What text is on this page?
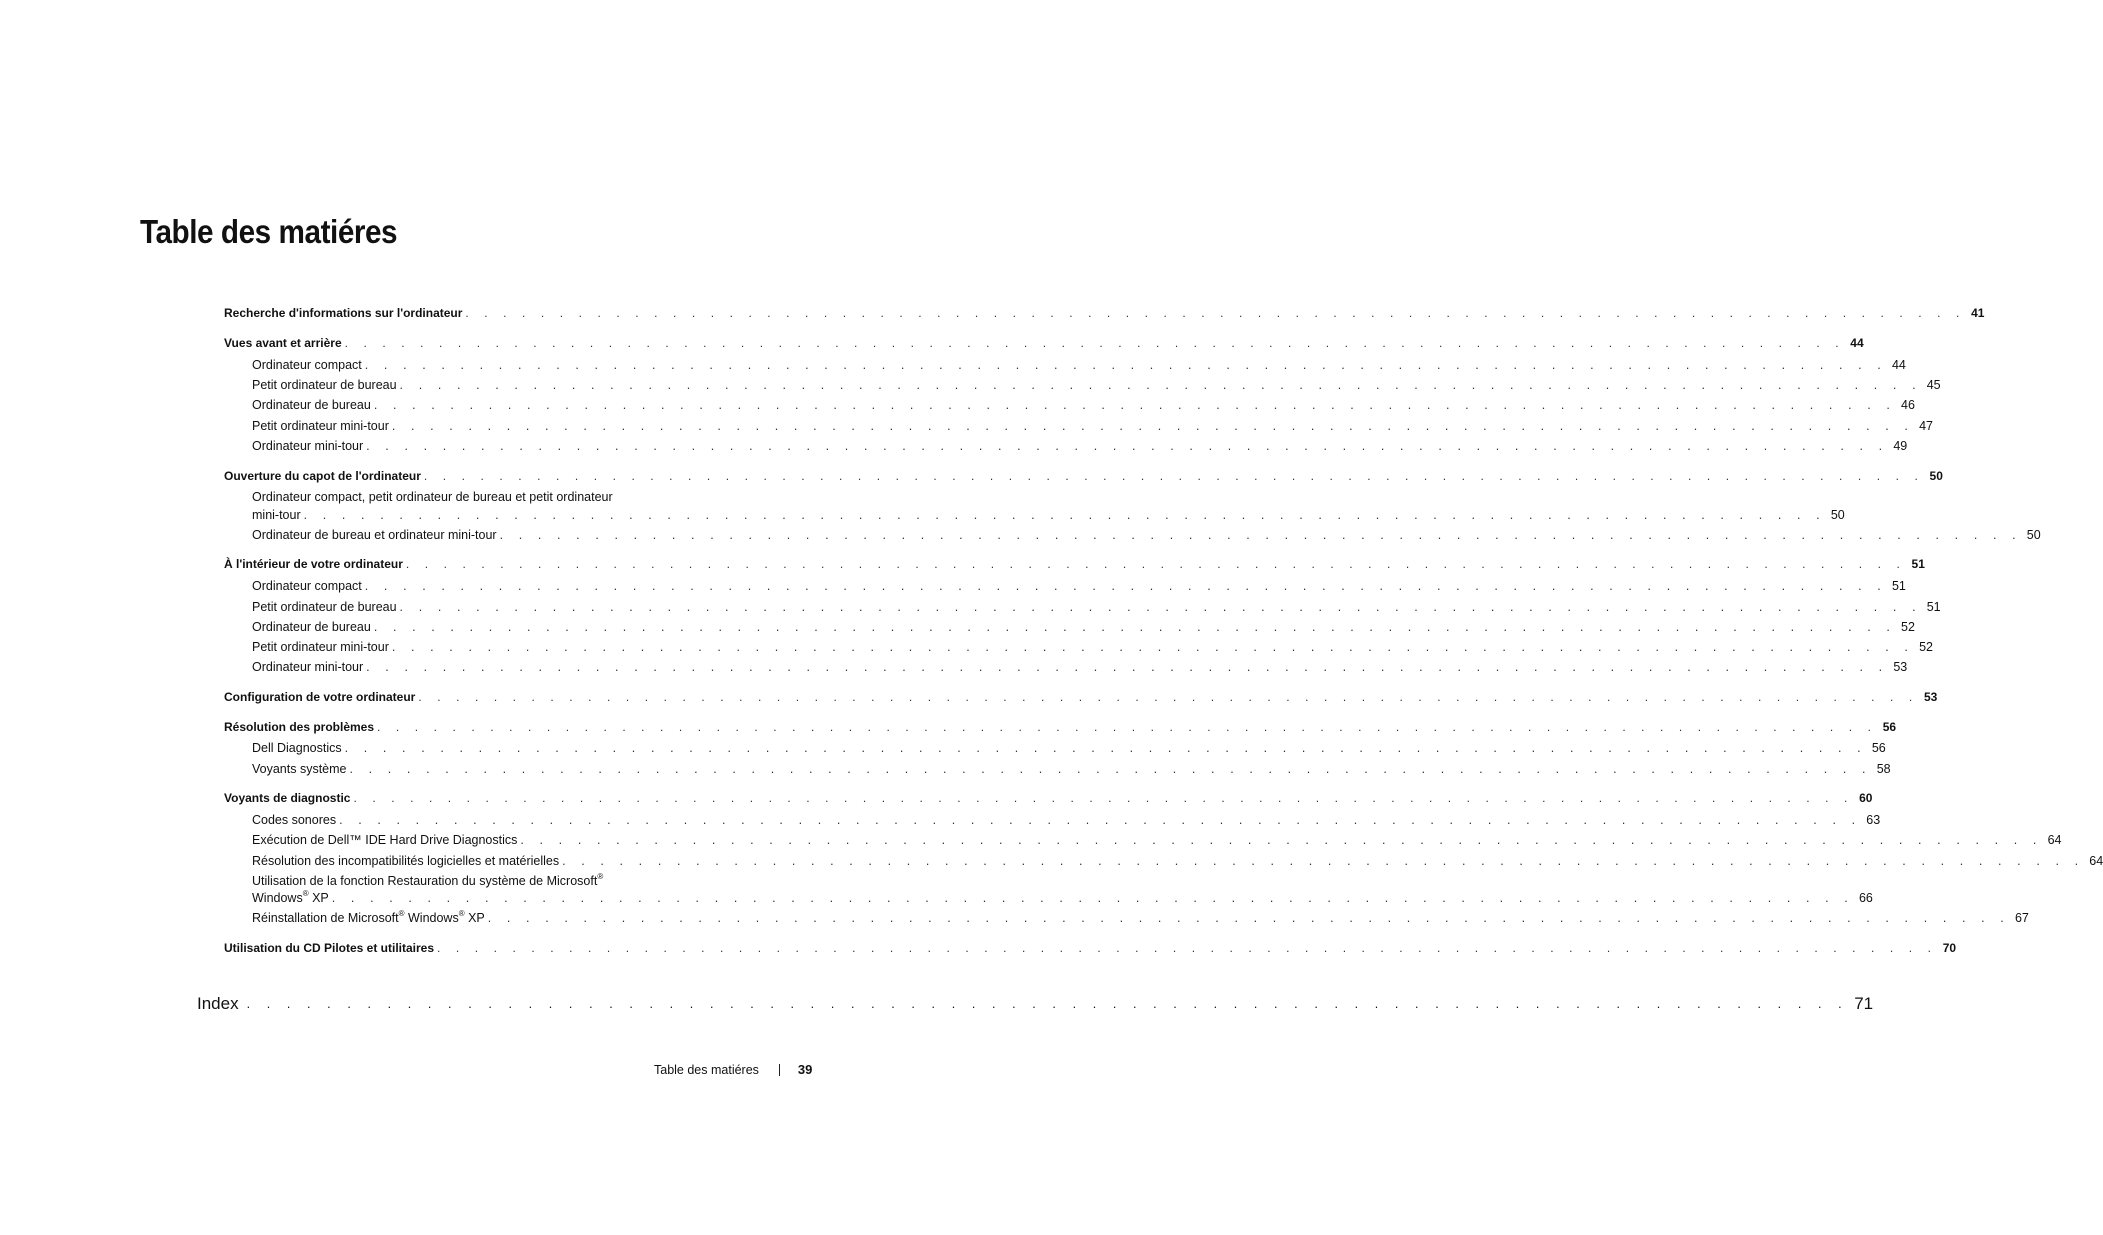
Table des matiéres
Recherche d'informations sur l'ordinateur . . . . . . . . . . . . . . . . . . . . . . . . . . . . . . . . . . . . . . . . . . . . . . . . . . . . . . . . . . . . . . . . . . . . . . . . . . . . . . . . 41
Vues avant et arrière . . . . . . . . . . . . . . . . . . . . . . . . . . . . . . . . . . . . . . . . . . . . . . . . . . . . . . . . . . . . . . . . . . . . . . . . . . . . . . . . 44
Ordinateur compact . . . . . . . . . . . . . . . . . . . . . . . . . . . . . . . . . . . . . . . . . . . . . . . . . . . . . . . . . . . . . . . . . . . . . . . . . . . . . . . . 44
Petit ordinateur de bureau . . . . . . . . . . . . . . . . . . . . . . . . . . . . . . . . . . . . . . . . . . . . . . . . . . . . . . . . . . . . . . . . . . . . . . . . . . . . . . . . 45
Ordinateur de bureau . . . . . . . . . . . . . . . . . . . . . . . . . . . . . . . . . . . . . . . . . . . . . . . . . . . . . . . . . . . . . . . . . . . . . . . . . . . . . . . . 46
Petit ordinateur mini-tour . . . . . . . . . . . . . . . . . . . . . . . . . . . . . . . . . . . . . . . . . . . . . . . . . . . . . . . . . . . . . . . . . . . . . . . . . . . . . . . . 47
Ordinateur mini-tour . . . . . . . . . . . . . . . . . . . . . . . . . . . . . . . . . . . . . . . . . . . . . . . . . . . . . . . . . . . . . . . . . . . . . . . . . . . . . . . . 49
Ouverture du capot de l'ordinateur . . . . . . . . . . . . . . . . . . . . . . . . . . . . . . . . . . . . . . . . . . . . . . . . . . . . . . . . . . . . . . . . . . . . . . . . . . . . . . . . 50
Ordinateur compact, petit ordinateur de bureau et petit ordinateur
mini-tour . . . . . . . . . . . . . . . . . . . . . . . . . . . . . . . . . . . . . . . . . . . . . . . . . . . . . . . . . . . . . . . . . . . . . . . . . . . . . . . . 50
Ordinateur de bureau et ordinateur mini-tour . . . . . . . . . . . . . . . . . . . . . . . . . . . . . . . . . . . . . . . . . . . . . . . . . . . . . . . . . . . . . . . . . . . . . . . . . . . . . . . . 50
À l'intérieur de votre ordinateur . . . . . . . . . . . . . . . . . . . . . . . . . . . . . . . . . . . . . . . . . . . . . . . . . . . . . . . . . . . . . . . . . . . . . . . . . . . . . . . . 51
Ordinateur compact . . . . . . . . . . . . . . . . . . . . . . . . . . . . . . . . . . . . . . . . . . . . . . . . . . . . . . . . . . . . . . . . . . . . . . . . . . . . . . . . 51
Petit ordinateur de bureau . . . . . . . . . . . . . . . . . . . . . . . . . . . . . . . . . . . . . . . . . . . . . . . . . . . . . . . . . . . . . . . . . . . . . . . . . . . . . . . . 51
Ordinateur de bureau . . . . . . . . . . . . . . . . . . . . . . . . . . . . . . . . . . . . . . . . . . . . . . . . . . . . . . . . . . . . . . . . . . . . . . . . . . . . . . . . 52
Petit ordinateur mini-tour . . . . . . . . . . . . . . . . . . . . . . . . . . . . . . . . . . . . . . . . . . . . . . . . . . . . . . . . . . . . . . . . . . . . . . . . . . . . . . . . 52
Ordinateur mini-tour . . . . . . . . . . . . . . . . . . . . . . . . . . . . . . . . . . . . . . . . . . . . . . . . . . . . . . . . . . . . . . . . . . . . . . . . . . . . . . . . 53
Configuration de votre ordinateur . . . . . . . . . . . . . . . . . . . . . . . . . . . . . . . . . . . . . . . . . . . . . . . . . . . . . . . . . . . . . . . . . . . . . . . . . . . . . . . . 53
Résolution des problèmes . . . . . . . . . . . . . . . . . . . . . . . . . . . . . . . . . . . . . . . . . . . . . . . . . . . . . . . . . . . . . . . . . . . . . . . . . . . . . . . . 56
Dell Diagnostics . . . . . . . . . . . . . . . . . . . . . . . . . . . . . . . . . . . . . . . . . . . . . . . . . . . . . . . . . . . . . . . . . . . . . . . . . . . . . . . . 56
Voyants système . . . . . . . . . . . . . . . . . . . . . . . . . . . . . . . . . . . . . . . . . . . . . . . . . . . . . . . . . . . . . . . . . . . . . . . . . . . . . . . . 58
Voyants de diagnostic . . . . . . . . . . . . . . . . . . . . . . . . . . . . . . . . . . . . . . . . . . . . . . . . . . . . . . . . . . . . . . . . . . . . . . . . . . . . . . . . 60
Codes sonores . . . . . . . . . . . . . . . . . . . . . . . . . . . . . . . . . . . . . . . . . . . . . . . . . . . . . . . . . . . . . . . . . . . . . . . . . . . . . . . . 63
Exécution de Dell™ IDE Hard Drive Diagnostics . . . . . . . . . . . . . . . . . . . . . . . . . . . . . . . . . . . . . . . . . . . . . . . . . . . . . . . . . . . . . . . . . . . . . . . . . . . . . . . . 64
Résolution des incompatibilités logicielles et matérielles . . . . . . . . . . . . . . . . . . . . . . . . . . . . . . . . . . . . . . . . . . . . . . . . . . . . . . . . . . . . . . . . . . . . . . . . . . . . . . . . 64
Utilisation de la fonction Restauration du système de Microsoft®
Windows® XP . . . . . . . . . . . . . . . . . . . . . . . . . . . . . . . . . . . . . . . . . . . . . . . . . . . . . . . . . . . . . . . . . . . . . . . . . . . . . . . . 66
Réinstallation de Microsoft® Windows® XP . . . . . . . . . . . . . . . . . . . . . . . . . . . . . . . . . . . . . . . . . . . . . . . . . . . . . . . . . . . . . . . . . . . . . . . . . . . . . . . . 67
Utilisation du CD Pilotes et utilitaires . . . . . . . . . . . . . . . . . . . . . . . . . . . . . . . . . . . . . . . . . . . . . . . . . . . . . . . . . . . . . . . . . . . . . . . . . . . . . . . . 70
Index . . . . . . . . . . . . . . . . . . . . . . . . . . . . . . . . . . . . . . . . . . . . . . . . . . . . . . . . . . . . . . . . . . . . . . . . . . . . . . . . 71
Table des matiéres	39
